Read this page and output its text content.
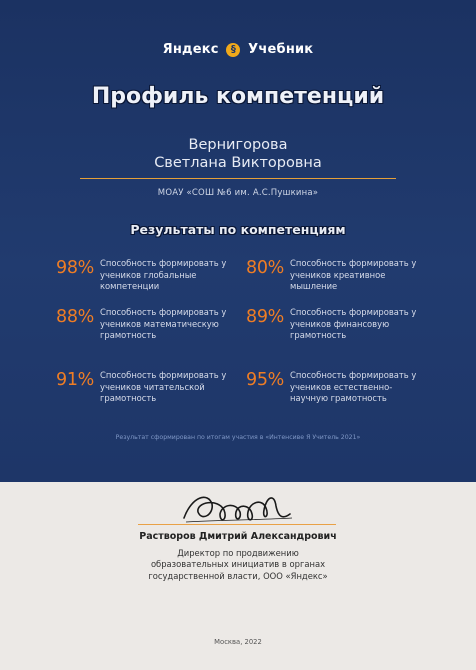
Яндекс § Учебник
Профиль компетенций
Вернигорова
Светлана Викторовна
МОАУ «СОШ №6 им. А.С.Пушкина»
Результаты по компетенциям
98% Способность формировать у учеников глобальные компетенции
80% Способность формировать у учеников креативное мышление
88% Способность формировать у учеников математическую грамотность
89% Способность формировать у учеников финансовую грамотность
91% Способность формировать у учеников читательской грамотность
95% Способность формировать у учеников естественно-научную грамотность
Результат сформирован по итогам участия в «Интенсиве Я Учитель 2021»
Растворов Дмитрий Александрович
Директор по продвижению
образовательных инициатив в органах
государственной власти, ООО «Яндекс»
Москва, 2022
